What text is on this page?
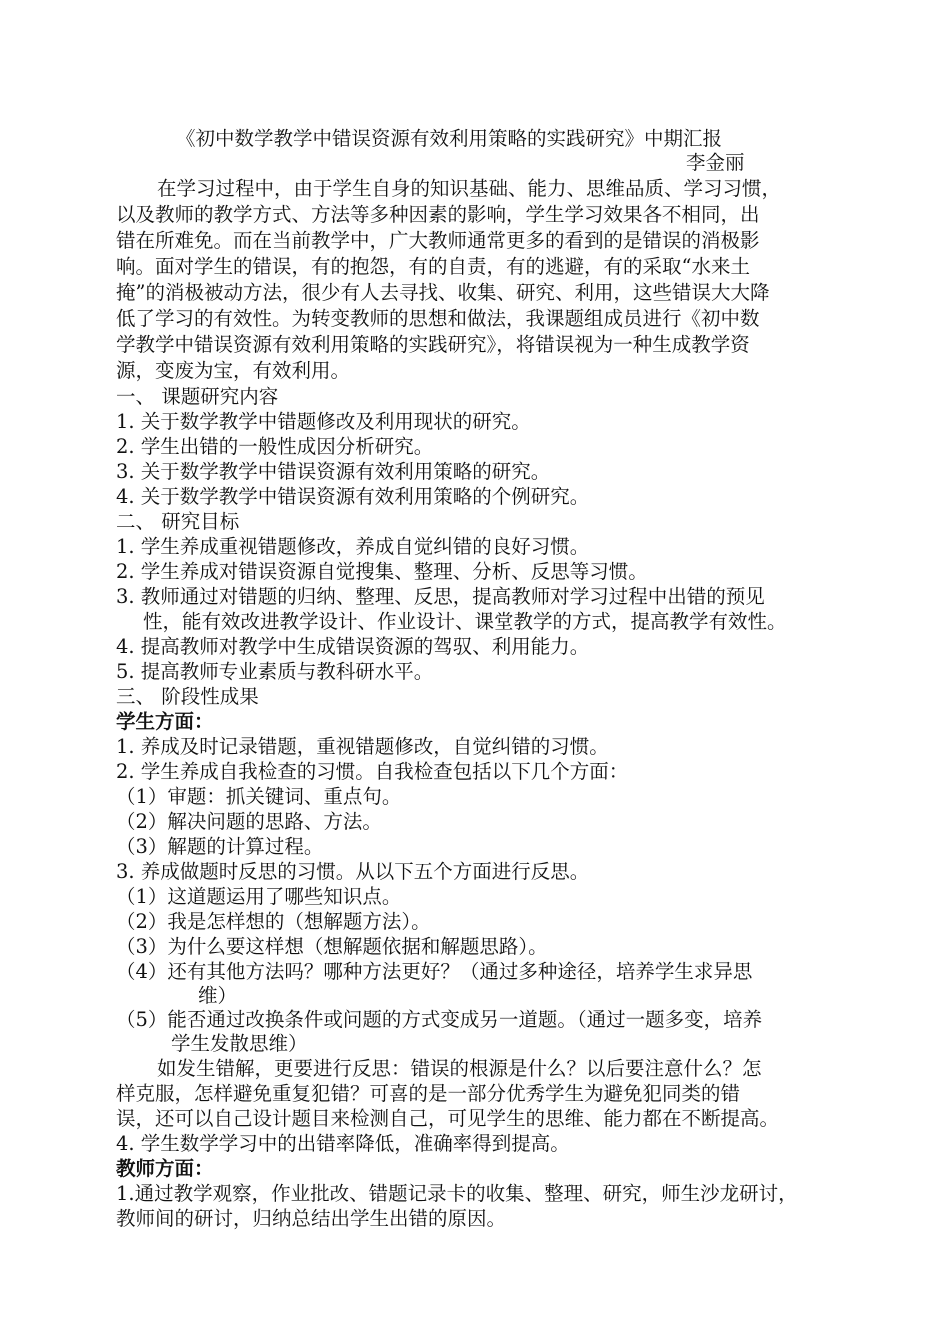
《初中数学教学中错误资源有效利用策略的实践研究》中期汇报
李金丽
在学习过程中，由于学生自身的知识基础、能力、思维品质、学习习惯，
以及教师的教学方式、方法等多种因素的影响，学生学习效果各不相同，出
错在所难免。而在当前教学中，广大教师通常更多的看到的是错误的消极影
响。面对学生的错误，有的抱怨，有的自责，有的逃避，有的采取“水来土
掩”的消极被动方法，很少有人去寻找、收集、研究、利用，这些错误大大降
低了学习的有效性。为转变教师的思想和做法，我课题组成员进行《初中数
学教学中错误资源有效利用策略的实践研究》，将错误视为一种生成教学资
源，变废为宝，有效利用。
一、 课题研究内容
1. 关于数学教学中错题修改及利用现状的研究。
2. 学生出错的一般性成因分析研究。
3. 关于数学教学中错误资源有效利用策略的研究。
4. 关于数学教学中错误资源有效利用策略的个例研究。
二、 研究目标
1. 学生养成重视错题修改，养成自觉纠错的良好习惯。
2. 学生养成对错误资源自觉搜集、整理、分析、反思等习惯。
3. 教师通过对错题的归纳、整理、反思，提高教师对学习过程中出错的预见
性，能有效改进教学设计、作业设计、课堂教学的方式，提高教学有效性。
4. 提高教师对教学中生成错误资源的驾驭、利用能力。
5. 提高教师专业素质与教科研水平。
三、 阶段性成果
学生方面：
1. 养成及时记录错题，重视错题修改，自觉纠错的习惯。
2. 学生养成自我检查的习惯。自我检查包括以下几个方面：
（1）审题：抓关键词、重点句。
（2）解决问题的思路、方法。
（3）解题的计算过程。
3. 养成做题时反思的习惯。从以下五个方面进行反思。
（1）这道题运用了哪些知识点。
（2）我是怎样想的（想解题方法）。
（3）为什么要这样想（想解题依据和解题思路）。
（4）还有其他方法吗？哪种方法更好？（通过多种途径，培养学生求异思
维）
（5）能否通过改换条件或问题的方式变成另一道题。（通过一题多变，培养
学生发散思维）
如发生错解，更要进行反思：错误的根源是什么？以后要注意什么？怎
样克服，怎样避免重复犯错？可喜的是一部分优秀学生为避免犯同类的错
误，还可以自己设计题目来检测自己，可见学生的思维、能力都在不断提高。
4. 学生数学学习中的出错率降低，准确率得到提高。
教师方面：
1.通过教学观察，作业批改、错题记录卡的收集、整理、研究，师生沙龙研讨，
教师间的研讨，归纳总结出学生出错的原因。
